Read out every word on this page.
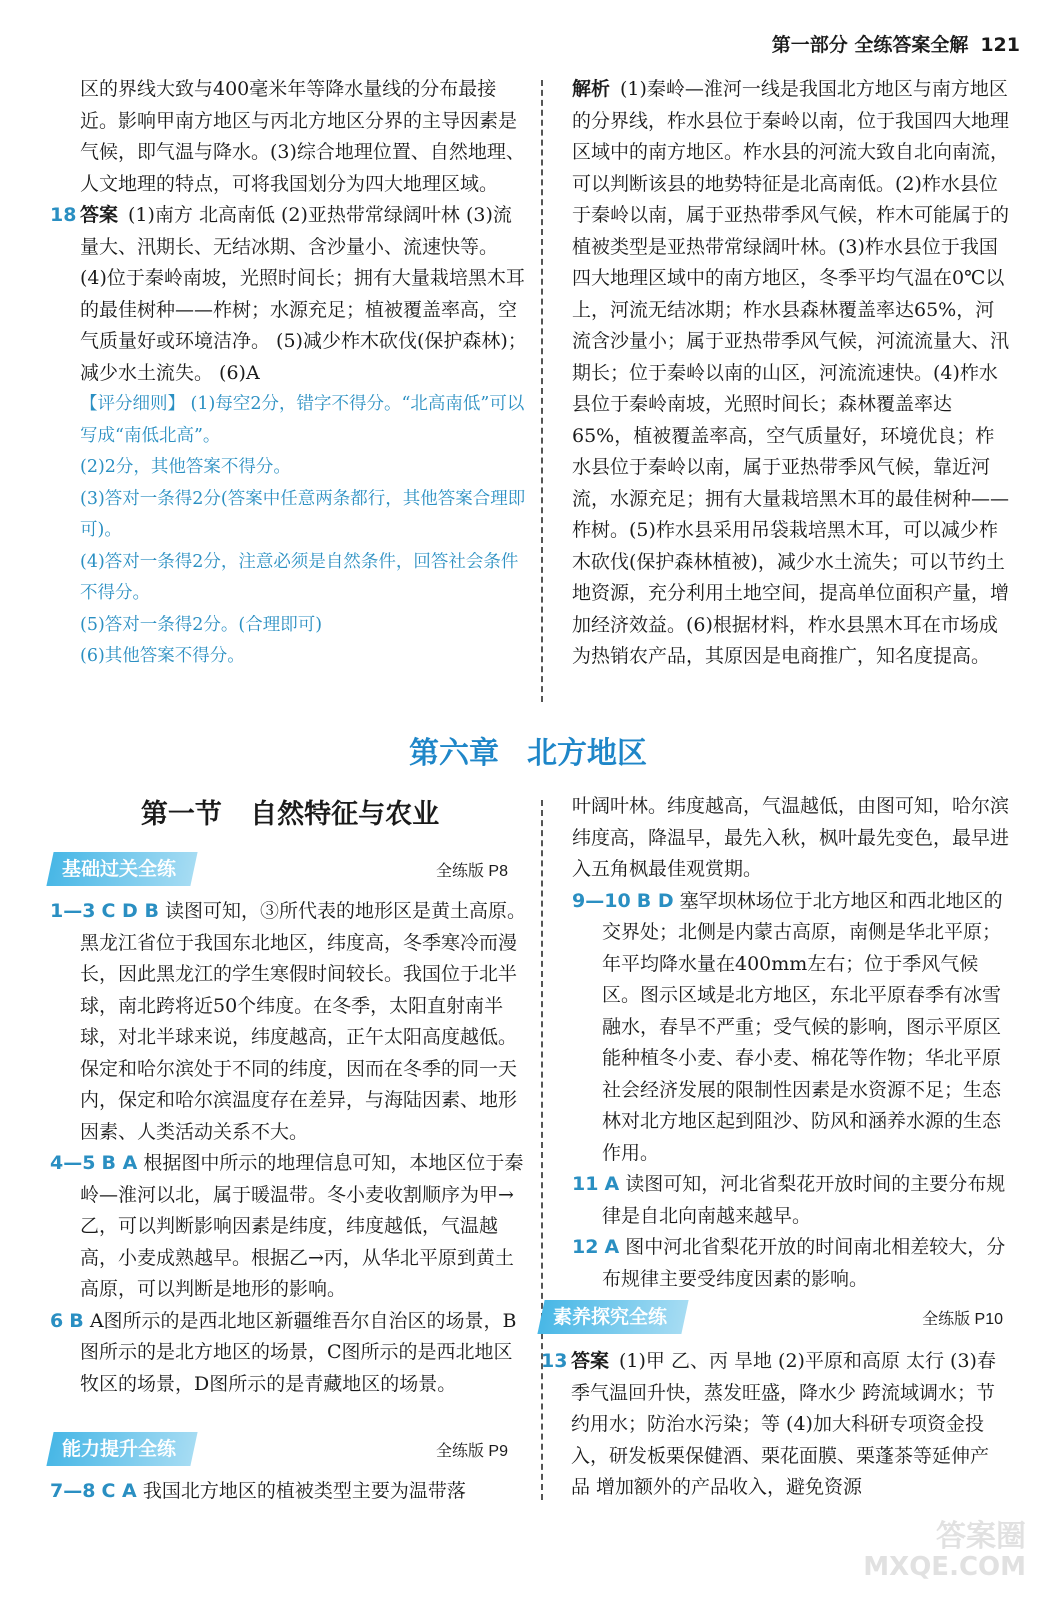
第一部分 全练答案全解 121

区的界线大致与400毫米年等降水量线的分布最接近。影响甲南方地区与丙北方地区分界的主导因素是气候，即气温与降水。(3)综合地理位置、自然地理、人文地理的特点，可将我国划分为四大地理区域。

18 答案 (1)南方 北高南低 (2)亚热带常绿阔叶林 (3)流量大、汛期长、无结冰期、含沙量小、流速快等。 (4)位于秦岭南坡，光照时间长；拥有大量栽培黑木耳的最佳树种——柞树；水源充足；植被覆盖率高，空气质量好或环境洁净。 (5)减少柞木砍伐(保护森林)；减少水土流失。 (6)A

【评分细则】 (1)每空2分，错字不得分。“北高南低”可以写成“南低北高”。

(2)2分，其他答案不得分。

(3)答对一条得2分(答案中任意两条都行，其他答案合理即可)。

(4)答对一条得2分，注意必须是自然条件，回答社会条件不得分。

(5)答对一条得2分。(合理即可)

(6)其他答案不得分。

解析 (1)秦岭—淮河一线是我国北方地区与南方地区的分界线，柞水县位于秦岭以南，位于我国四大地理区域中的南方地区。柞水县的河流大致自北向南流，可以判断该县的地势特征是北高南低。(2)柞水县位于秦岭以南，属于亚热带季风气候，柞木可能属于的植被类型是亚热带常绿阔叶林。(3)柞水县位于我国四大地理区域中的南方地区，冬季平均气温在0℃以上，河流无结冰期；柞水县森林覆盖率达65%，河流含沙量小；属于亚热带季风气候，河流流量大、汛期长；位于秦岭以南的山区，河流流速快。(4)柞水县位于秦岭南坡，光照时间长；森林覆盖率达65%，植被覆盖率高，空气质量好，环境优良；柞水县位于秦岭以南，属于亚热带季风气候，靠近河流，水源充足；拥有大量栽培黑木耳的最佳树种——柞树。(5)柞水县采用吊袋栽培黑木耳，可以减少柞木砍伐(保护森林植被)，减少水土流失；可以节约土地资源，充分利用土地空间，提高单位面积产量，增加经济效益。(6)根据材料，柞水县黑木耳在市场成为热销农产品，其原因是电商推广，知名度提高。

第六章 北方地区
第一节 自然特征与农业
基础过关全练	全练版 P8

1—3 C D B 读图可知，③所代表的地形区是黄土高原。黑龙江省位于我国东北地区，纬度高，冬季寒冷而漫长，因此黑龙江的学生寒假时间较长。我国位于北半球，南北跨将近50个纬度。在冬季，太阳直射南半球，对北半球来说，纬度越高，正午太阳高度越低。保定和哈尔滨处于不同的纬度，因而在冬季的同一天内，保定和哈尔滨温度存在差异，与海陆因素、地形因素、人类活动关系不大。

4—5 B A 根据图中所示的地理信息可知，本地区位于秦岭—淮河以北，属于暖温带。冬小麦收割顺序为甲→乙，可以判断影响因素是纬度，纬度越低，气温越高，小麦成熟越早。根据乙→丙，从华北平原到黄土高原，可以判断是地形的影响。

6 B A图所示的是西北地区新疆维吾尔自治区的场景，B图所示的是北方地区的场景，C图所示的是西北地区牧区的场景，D图所示的是青藏地区的场景。

能力提升全练	全练版 P9

7—8 C A 我国北方地区的植被类型主要为温带落

叶阔叶林。纬度越高，气温越低，由图可知，哈尔滨纬度高，降温早，最先入秋，枫叶最先变色，最早进入五角枫最佳观赏期。

9—10 B D 塞罕坝林场位于北方地区和西北地区的交界处；北侧是内蒙古高原，南侧是华北平原；年平均降水量在400mm左右；位于季风气候区。图示区域是北方地区，东北平原春季有冰雪融水，春旱不严重；受气候的影响，图示平原区能种植冬小麦、春小麦、棉花等作物；华北平原社会经济发展的限制性因素是水资源不足；生态林对北方地区起到阻沙、防风和涵养水源的生态作用。

11 A 读图可知，河北省梨花开放时间的主要分布规律是自北向南越来越早。

12 A 图中河北省梨花开放的时间南北相差较大，分布规律主要受纬度因素的影响。

素养探究全练	全练版 P10

13 答案 (1)甲 乙、丙 旱地 (2)平原和高原 太行 (3)春季气温回升快，蒸发旺盛，降水少 跨流域调水；节约用水；防治水污染；等 (4)加大科研专项资金投入，研发板栗保健酒、栗花面膜、栗蓬茶等延伸产品 增加额外的产品收入，避免资源

答案圈
MXQE.COM
